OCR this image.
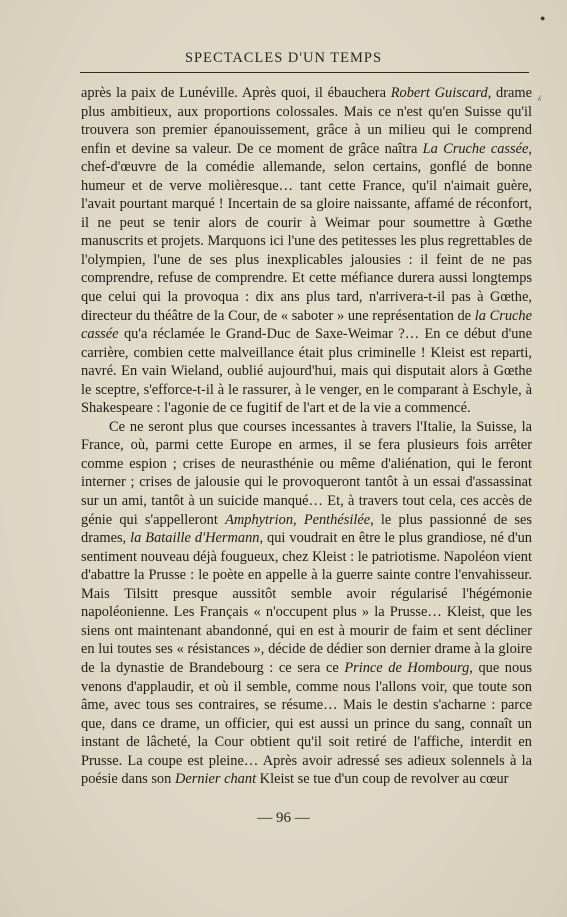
SPECTACLES D'UN TEMPS

après la paix de Lunéville. Après quoi, il ébauchera Robert Guiscard, drame plus ambitieux, aux proportions colossales. Mais ce n'est qu'en Suisse qu'il trouvera son premier épanouissement, grâce à un milieu qui le comprend enfin et devine sa valeur. De ce moment de grâce naîtra La Cruche cassée, chef-d'œuvre de la comédie allemande, selon certains, gonflé de bonne humeur et de verve molièresque… tant cette France, qu'il n'aimait guère, l'avait pourtant marqué ! Incertain de sa gloire naissante, affamé de réconfort, il ne peut se tenir alors de courir à Weimar pour soumettre à Gœthe manuscrits et projets. Marquons ici l'une des petitesses les plus regrettables de l'olympien, l'une de ses plus inexplicables jalousies : il feint de ne pas comprendre, refuse de comprendre. Et cette méfiance durera aussi longtemps que celui qui la provoqua : dix ans plus tard, n'arrivera-t-il pas à Gœthe, directeur du théâtre de la Cour, de « saboter » une représentation de la Cruche cassée qu'a réclamée le Grand-Duc de Saxe-Weimar ?… En ce début d'une carrière, combien cette malveillance était plus criminelle ! Kleist est reparti, navré. En vain Wieland, oublié aujourd'hui, mais qui disputait alors à Gœthe le sceptre, s'efforce-t-il à le rassurer, à le venger, en le comparant à Eschyle, à Shakespeare : l'agonie de ce fugitif de l'art et de la vie a commencé.

Ce ne seront plus que courses incessantes à travers l'Italie, la Suisse, la France, où, parmi cette Europe en armes, il se fera plusieurs fois arrêter comme espion ; crises de neurasthénie ou même d'aliénation, qui le feront interner ; crises de jalousie qui le provoqueront tantôt à un essai d'assassinat sur un ami, tantôt à un suicide manqué… Et, à travers tout cela, ces accès de génie qui s'appelleront Amphytrion, Penthésilée, le plus passionné de ses drames, la Bataille d'Hermann, qui voudrait en être le plus grandiose, né d'un sentiment nouveau déjà fougueux, chez Kleist : le patriotisme. Napoléon vient d'abattre la Prusse : le poète en appelle à la guerre sainte contre l'envahisseur. Mais Tilsitt presque aussitôt semble avoir régularisé l'hégémonie napoléonienne. Les Français « n'occupent plus » la Prusse… Kleist, que les siens ont maintenant abandonné, qui en est à mourir de faim et sent décliner en lui toutes ses « résistances », décide de dédier son dernier drame à la gloire de la dynastie de Brandebourg : ce sera ce Prince de Hombourg, que nous venons d'applaudir, et où il semble, comme nous l'allons voir, que toute son âme, avec tous ses contraires, se résume… Mais le destin s'acharne : parce que, dans ce drame, un officier, qui est aussi un prince du sang, connaît un instant de lâcheté, la Cour obtient qu'il soit retiré de l'affiche, interdit en Prusse. La coupe est pleine… Après avoir adressé ses adieux solennels à la poésie dans son Dernier chant Kleist se tue d'un coup de revolver au cœur

— 96 —
●
⁁
